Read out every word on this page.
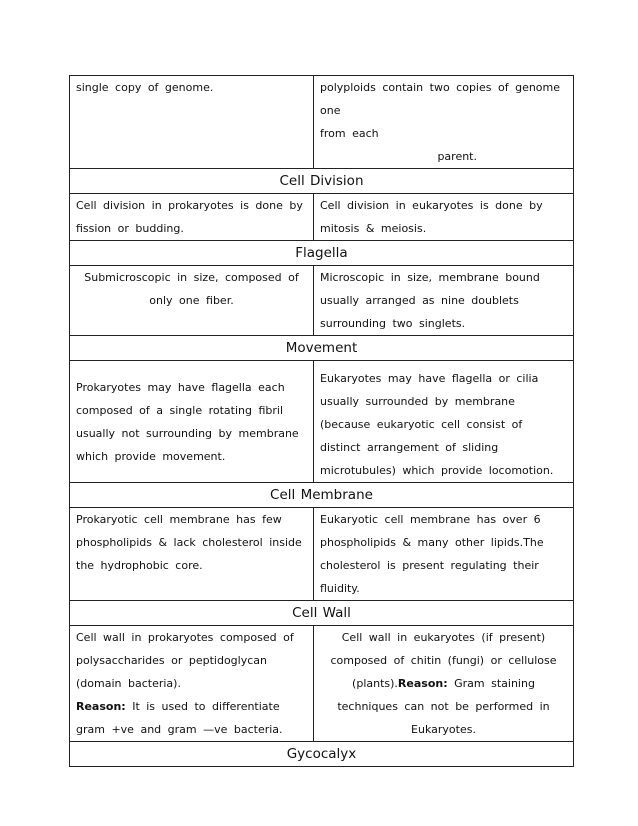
single copy of genome.	polyploids contain two copies of genome one
from each
parent.

Cell Division	
Cell division in prokaryotes is done by fission or budding.	Cell division in eukaryotes is done by mitosis & meiosis.
Flagella	
Submicroscopic in size, composed of only one fiber.	Microscopic in size, membrane bound usually arranged as nine doublets surrounding two singlets.
Movement	
Prokaryotes may have flagella each composed of a single rotating fibril usually not surrounding by membrane which provide movement.	Eukaryotes may have flagella or cilia usually surrounded by membrane (because eukaryotic cell consist of distinct arrangement of sliding microtubules) which provide locomotion.
Cell Membrane	
Prokaryotic cell membrane has few phospholipids & lack cholesterol inside the hydrophobic core.	Eukaryotic cell membrane has over 6 phospholipids & many other lipids.The cholesterol is present regulating their fluidity.
Cell Wall	

Cell wall in prokaryotes composed of polysaccharides or peptidoglycan (domain bacteria).
Reason: It is used to differentiate gram +ve and gram —ve bacteria.	Cell wall in eukaryotes (if present) composed of chitin (fungi) or cellulose (plants).Reason: Gram staining techniques can not be performed in Eukaryotes.
Gycocalyx	
